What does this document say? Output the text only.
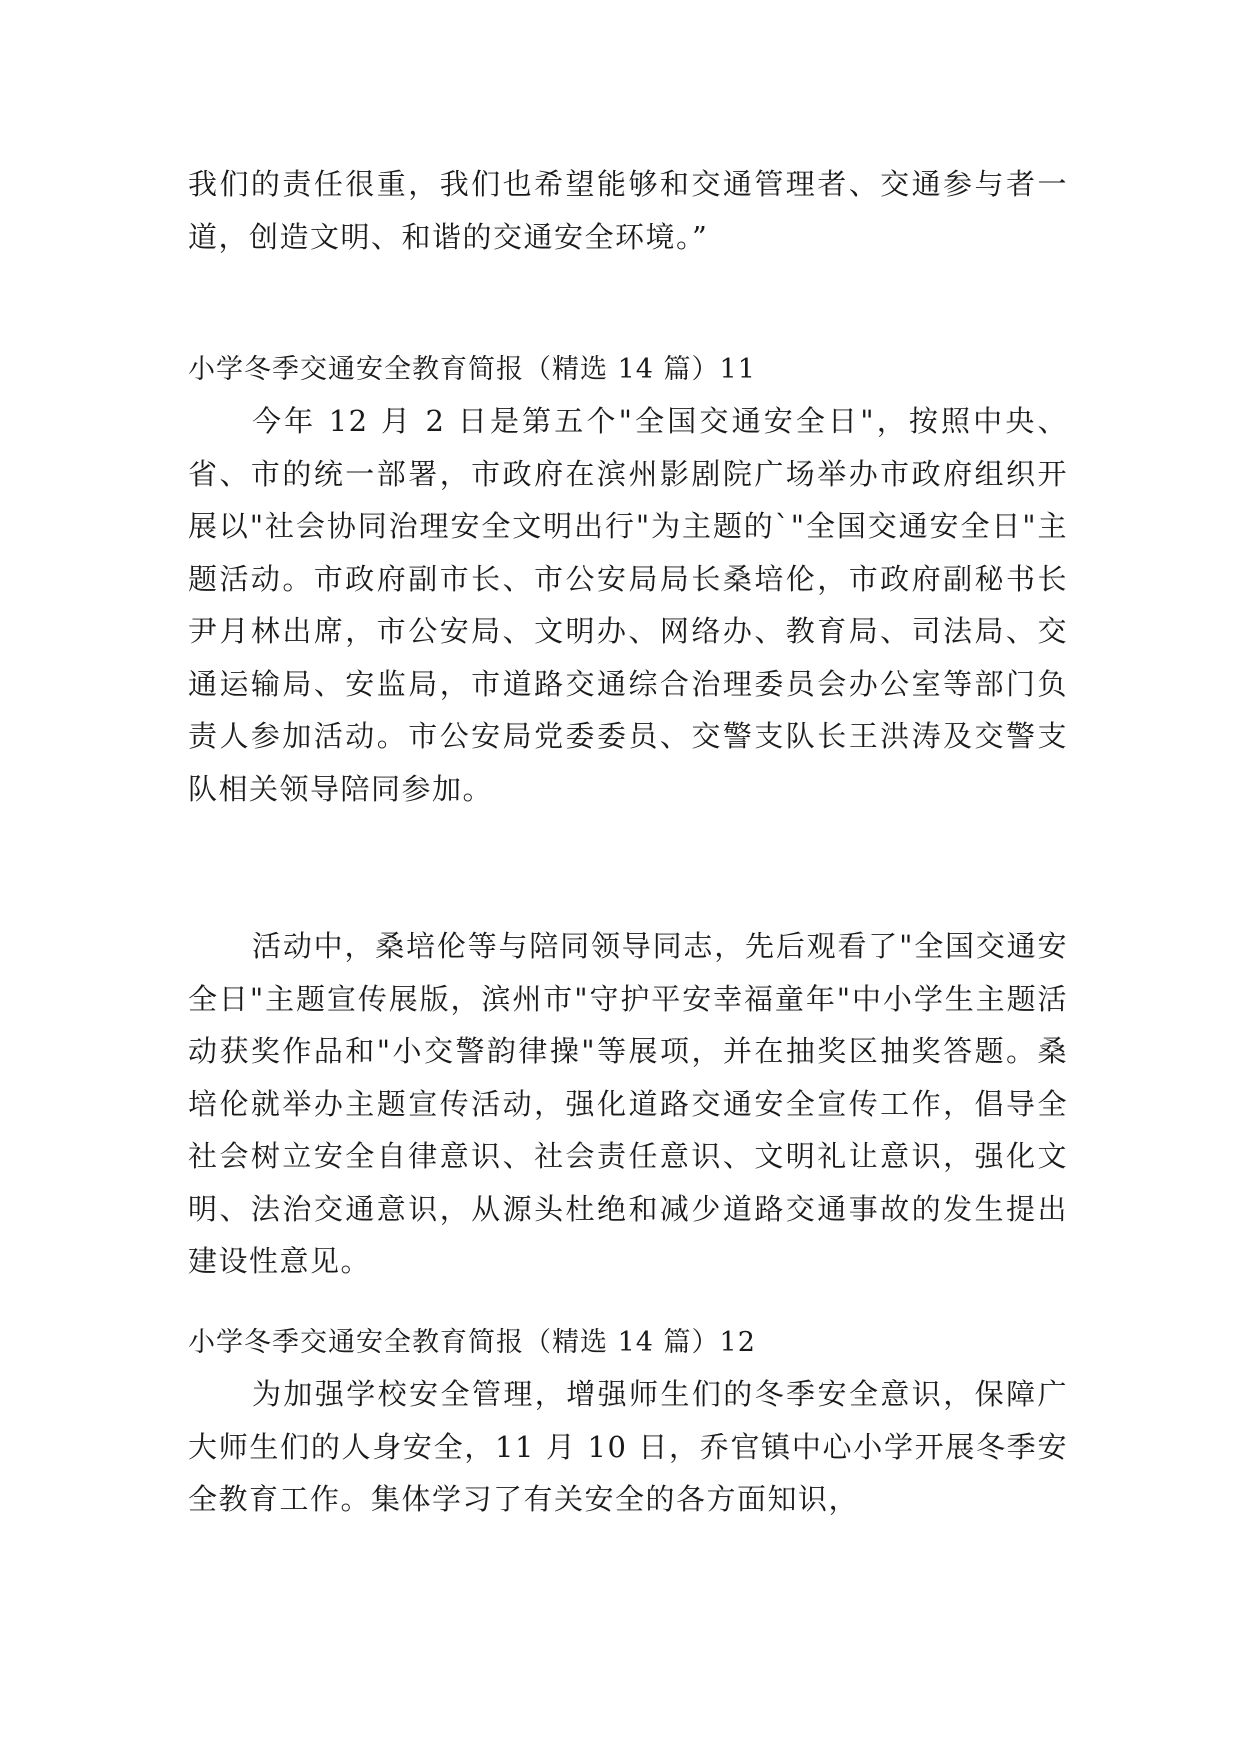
我们的责任很重，我们也希望能够和交通管理者、交通参与者一道，创造文明、和谐的交通安全环境。”

小学冬季交通安全教育简报（精选 14 篇）11

今年 12 月 2 日是第五个"全国交通安全日"，按照中央、省、市的统一部署，市政府在滨州影剧院广场举办市政府组织开展以"社会协同治理安全文明出行"为主题的`"全国交通安全日"主题活动。市政府副市长、市公安局局长桑培伦，市政府副秘书长尹月林出席，市公安局、文明办、网络办、教育局、司法局、交通运输局、安监局，市道路交通综合治理委员会办公室等部门负责人参加活动。市公安局党委委员、交警支队长王洪涛及交警支队相关领导陪同参加。

活动中，桑培伦等与陪同领导同志，先后观看了"全国交通安全日"主题宣传展版，滨州市"守护平安幸福童年"中小学生主题活动获奖作品和"小交警韵律操"等展项，并在抽奖区抽奖答题。桑培伦就举办主题宣传活动，强化道路交通安全宣传工作，倡导全社会树立安全自律意识、社会责任意识、文明礼让意识，强化文明、法治交通意识，从源头杜绝和减少道路交通事故的发生提出建设性意见。

小学冬季交通安全教育简报（精选 14 篇）12

为加强学校安全管理，增强师生们的冬季安全意识，保障广大师生们的人身安全，11 月 10 日，乔官镇中心小学开展冬季安全教育工作。集体学习了有关安全的各方面知识，
